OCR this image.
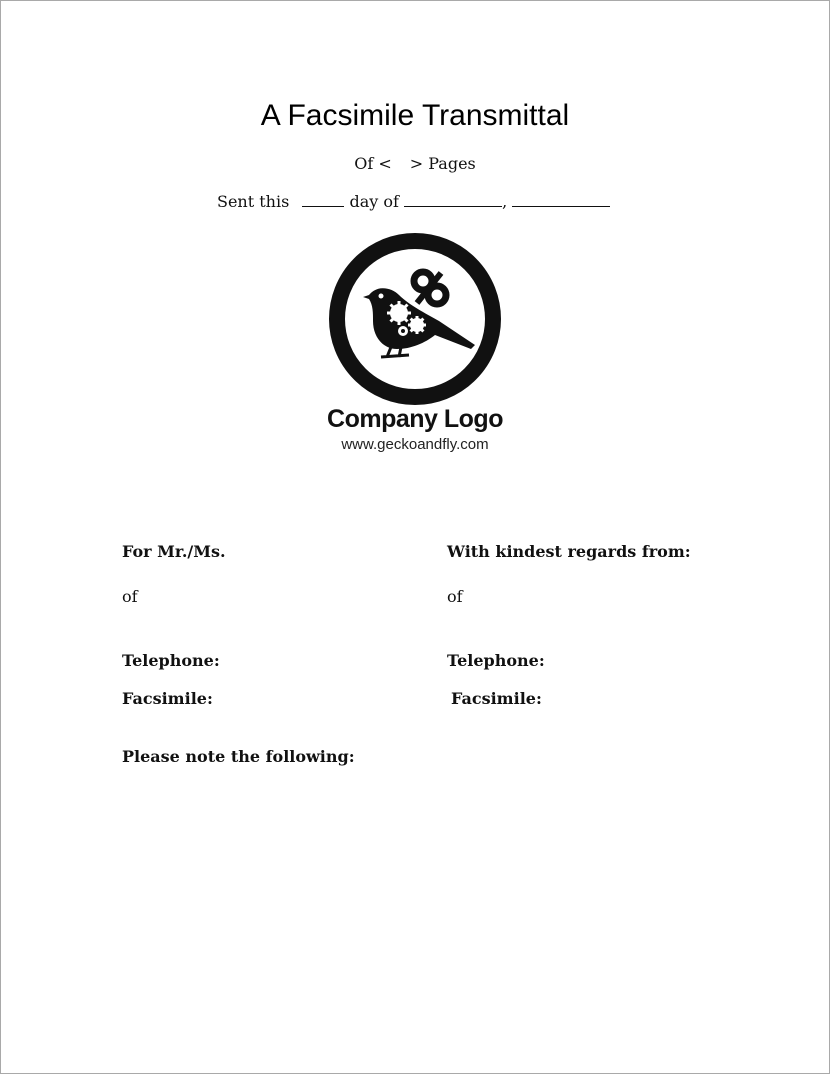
A Facsimile Transmittal
Of < > Pages
Sent this	day of	,
Company Logo
www.geckoandfly.com
For Mr./Ms.
of
Telephone:
Facsimile:
With kindest regards from:
of
Telephone:
Facsimile:
Please note the following:
